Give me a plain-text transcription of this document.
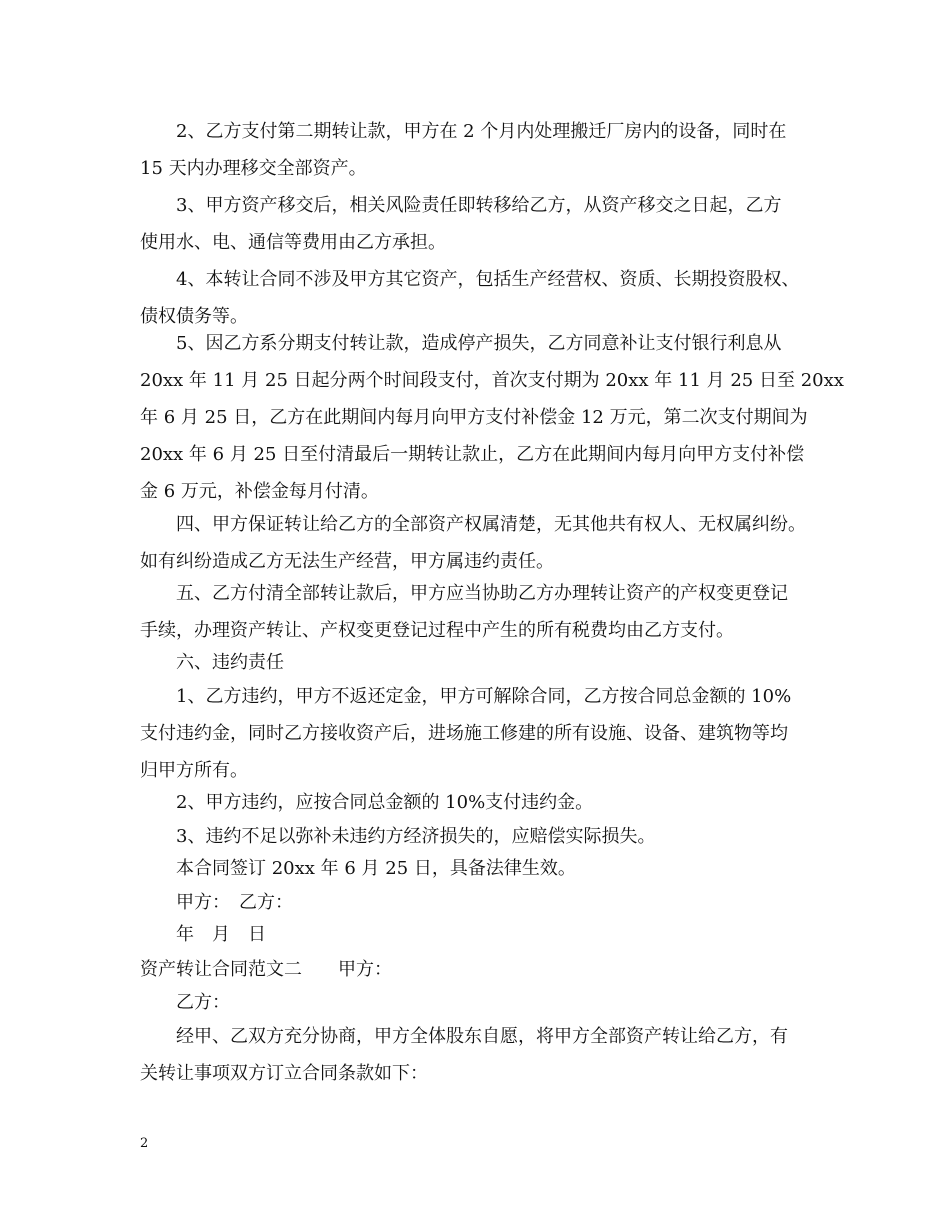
2、乙方支付第二期转让款，甲方在 2 个月内处理搬迁厂房内的设备，同时在
15 天内办理移交全部资产。
3、甲方资产移交后，相关风险责任即转移给乙方，从资产移交之日起，乙方
使用水、电、通信等费用由乙方承担。
4、本转让合同不涉及甲方其它资产，包括生产经营权、资质、长期投资股权、
债权债务等。
5、因乙方系分期支付转让款，造成停产损失，乙方同意补让支付银行利息从
20xx 年 11 月 25 日起分两个时间段支付，首次支付期为 20xx 年 11 月 25 日至 20xx
年 6 月 25 日，乙方在此期间内每月向甲方支付补偿金 12 万元，第二次支付期间为
20xx 年 6 月 25 日至付清最后一期转让款止，乙方在此期间内每月向甲方支付补偿
金 6 万元，补偿金每月付清。
四、甲方保证转让给乙方的全部资产权属清楚，无其他共有权人、无权属纠纷。
如有纠纷造成乙方无法生产经营，甲方属违约责任。
五、乙方付清全部转让款后，甲方应当协助乙方办理转让资产的产权变更登记
手续，办理资产转让、产权变更登记过程中产生的所有税费均由乙方支付。
六、违约责任
1、乙方违约，甲方不返还定金，甲方可解除合同，乙方按合同总金额的 10%
支付违约金，同时乙方接收资产后，进场施工修建的所有设施、设备、建筑物等均
归甲方所有。
2、甲方违约，应按合同总金额的 10%支付违约金。
3、违约不足以弥补未违约方经济损失的，应赔偿实际损失。
本合同签订 20xx 年 6 月 25 日，具备法律生效。
甲方：　乙方：
年　月　日
资产转让合同范文二　　甲方：
乙方：
经甲、乙双方充分协商，甲方全体股东自愿，将甲方全部资产转让给乙方，有
关转让事项双方订立合同条款如下：
2
